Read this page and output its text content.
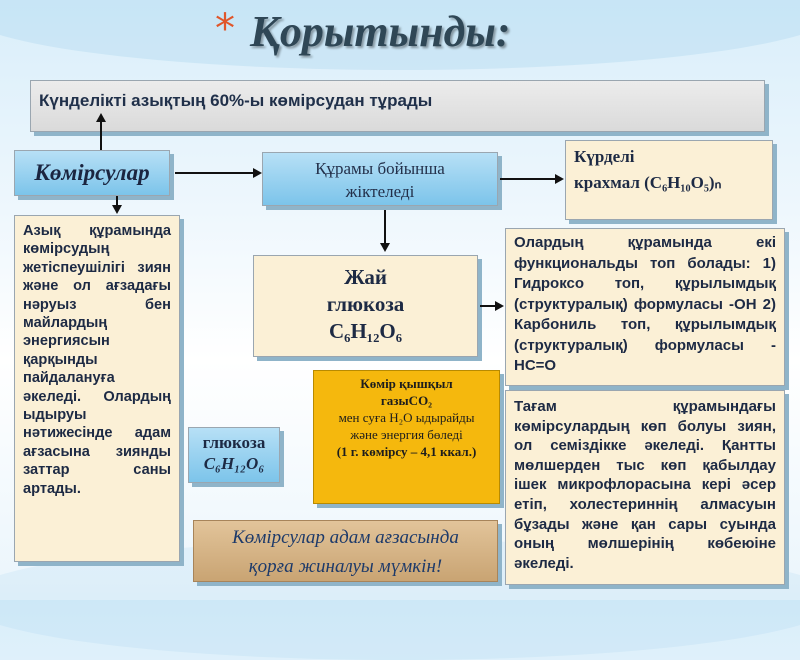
* Қорытынды:
Күнделікті азықтың 60%-ы көмірсудан тұрады
Көмірсулар	Құрамы бойынша
жіктеледі
Күрделі
крахмал (C₆H₁₀O₅)ₙ
Жай
глюкоза
C₆H₁₂O₆

Олардың құрамында екі функциональды топ болады: 1) Гидроксо топ, құрылымдық (структуралық) формуласы -ОН 2) Карбониль топ, құрылымдық (структуралық) формуласы - НС=О

Азық құрамында көмірсудың жетіспеушілігі зиян және ол ағзадағы нәруыз бен майлардың энергиясын қарқынды пайдалануға әкеледі. Олардың ыдыруы нәтижесінде адам ағзасына зиянды заттар саны артады.

Көмір қышқыл
газыCO₂
мен суға H₂O ыдырайды
және энергия бөледі
(1 г. көмірсу – 4,1 ккал.)
глюкоза
C₆H₁₂O₆

Тағам құрамындағы көмірсулардың көп болуы зиян, ол семіздікке әкеледі. Қантты мөлшерден тыс көп қабылдау ішек микрофлорасына кері әсер етіп, холестериннің алмасуын бұзады және қан сары суында оның мөлшерінің көбеюіне әкеледі.

Көмірсулар адам ағзасында
қорға жиналуы мүмкін!
